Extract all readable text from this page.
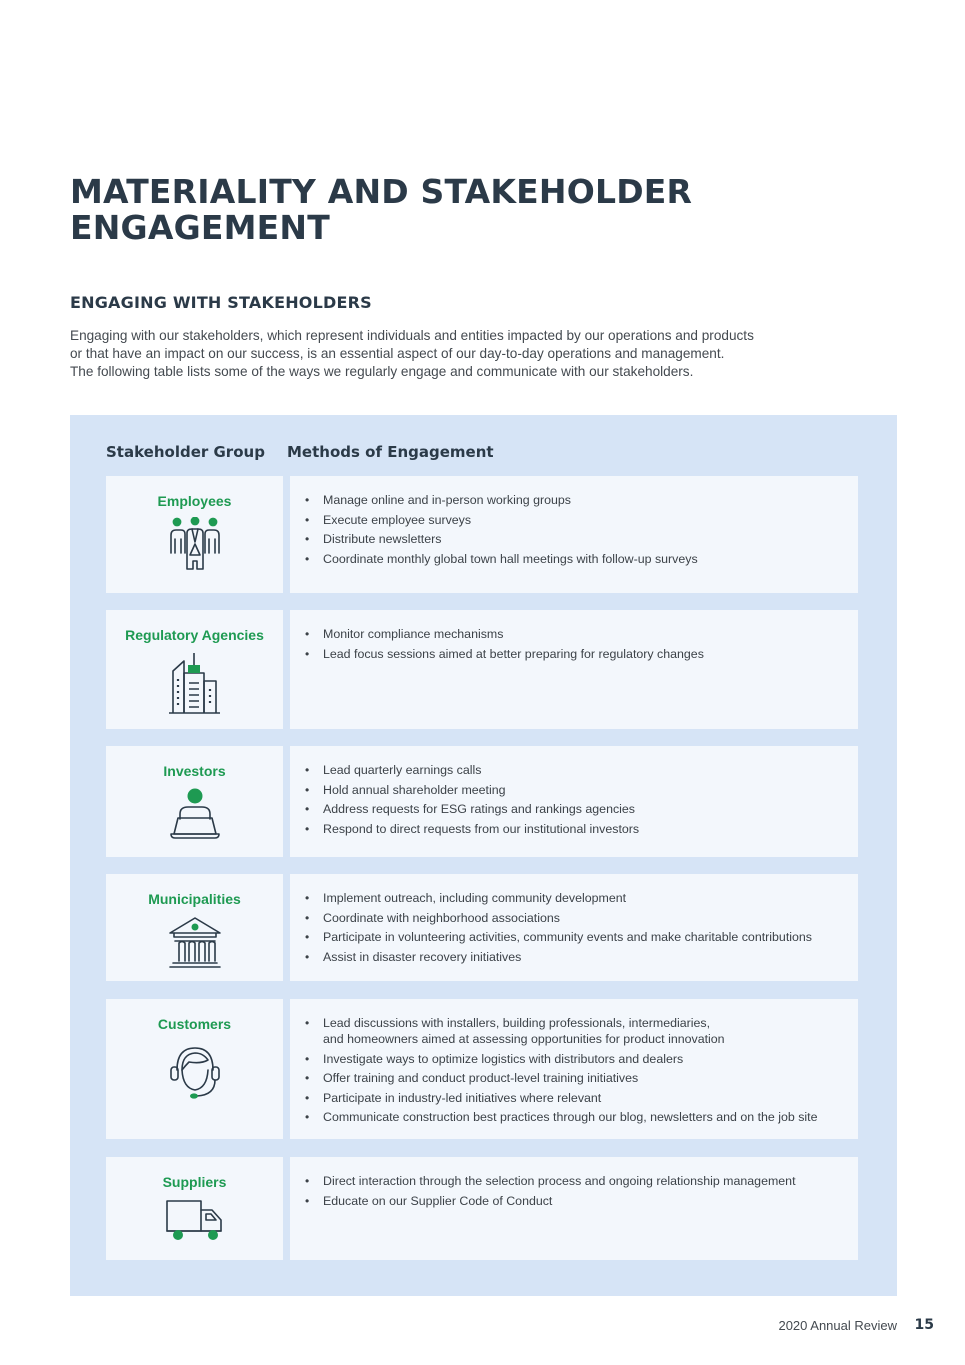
MATERIALITY AND STAKEHOLDER ENGAGEMENT
ENGAGING WITH STAKEHOLDERS

Engaging with our stakeholders, which represent individuals and entities impacted by our operations and products
or that have an impact on our success, is an essential aspect of our day-to-day operations and management.
The following table lists some of the ways we regularly engage and communicate with our stakeholders.

Stakeholder Group Methods of Engagement
Employees	• Manage online and in-person working groups
• Execute employee surveys
• Distribute newsletters
• Coordinate monthly global town hall meetings with follow-up surveys
Regulatory Agencies	• Monitor compliance mechanisms
• Lead focus sessions aimed at better preparing for regulatory changes
Investors	• Lead quarterly earnings calls
• Hold annual shareholder meeting
• Address requests for ESG ratings and rankings agencies
• Respond to direct requests from our institutional investors
Municipalities	• Implement outreach, including community development
• Coordinate with neighborhood associations
• Participate in volunteering activities, community events and make charitable contributions
• Assist in disaster recovery initiatives
Customers	• Lead discussions with installers, building professionals, intermediaries,
and homeowners aimed at assessing opportunities for product innovation
• Investigate ways to optimize logistics with distributors and dealers
• Offer training and conduct product-level training initiatives
• Participate in industry-led initiatives where relevant
• Communicate construction best practices through our blog, newsletters and on the job site
Suppliers	• Direct interaction through the selection process and ongoing relationship management
• Educate on our Supplier Code of Conduct
2020 Annual Review 15
